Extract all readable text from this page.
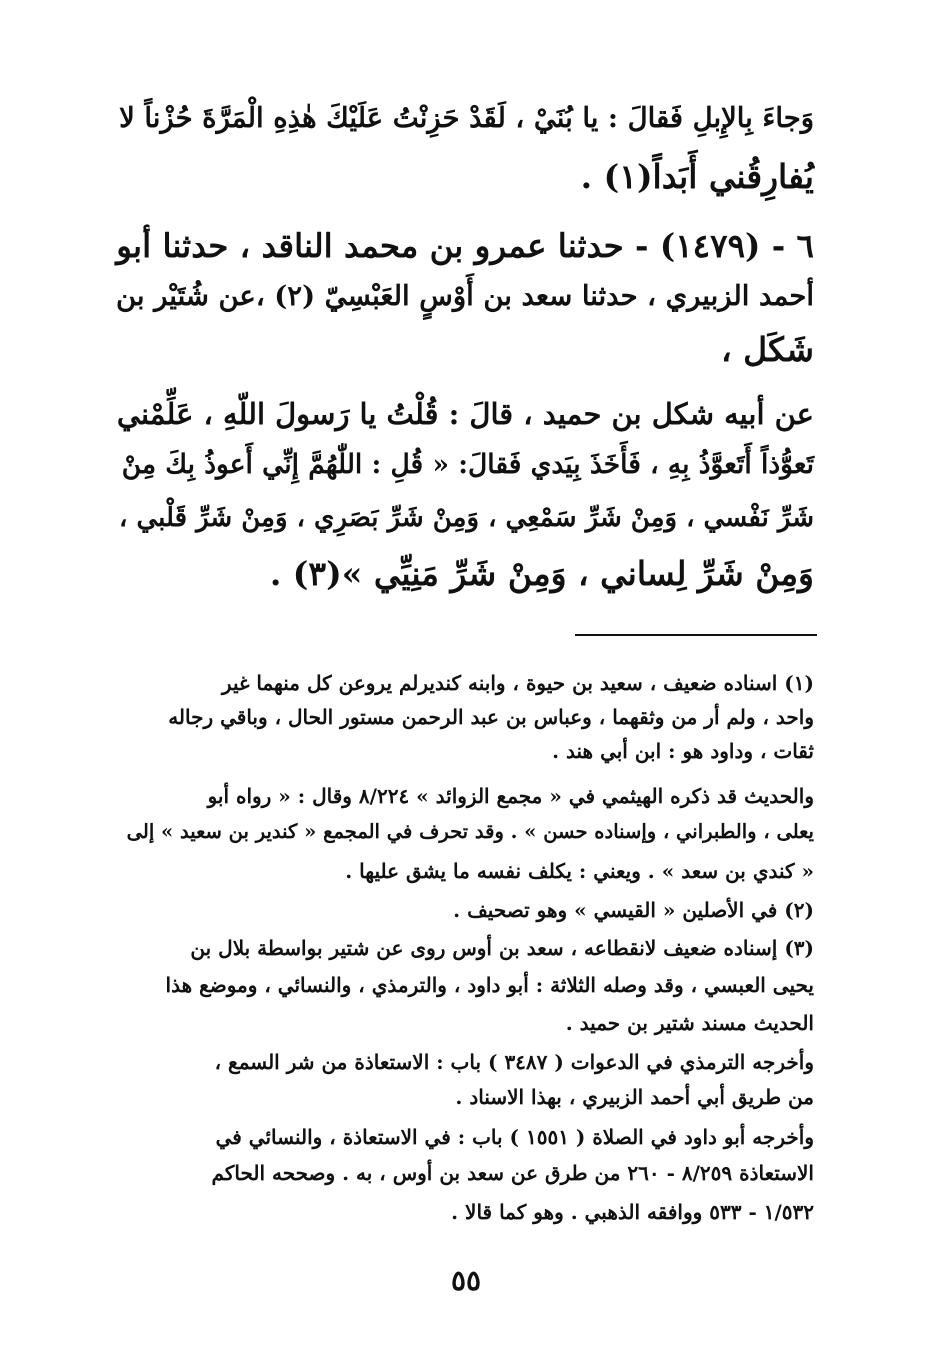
وَجاءَ بِالإِبلِ فَقالَ : يا بُنَيْ ، لَقَدْ حَزِنْتُ عَلَيْكَ هٰذِهِ الْمَرَّةَ حُزْناً لا
يُفارِقُني أَبَداً(١) .
٦ - (١٤٧٩) - حدثنا عمرو بن محمد الناقد ، حدثنا أبو
أحمد الزبيري ، حدثنا سعد بن أَوْسٍ العَبْسِيّ (٢) ،عن شُتَيْر بن
شَكَل ،
عن أبيه شكل بن حميد ، قالَ : قُلْتُ يا رَسولَ اللّهِ ، عَلِّمْني
تَعوُّذاً أَتَعوَّذُ بِهِ ، فَأَخَذَ بِيَدي فَقالَ: « قُلِ : اللّٰهُمَّ إِنِّي أَعوذُ بِكَ مِنْ
شَرِّ نَفْسي ، وَمِنْ شَرِّ سَمْعِي ، وَمِنْ شَرِّ بَصَرِي ، وَمِنْ شَرِّ قَلْبي ،
وَمِنْ شَرِّ لِساني ، وَمِنْ شَرِّ مَنِيِّي »(٣) .
(١) اسناده ضعيف ، سعيد بن حيوة ، وابنه كنديرلم يروعن كل منهما غير
واحد ، ولم أر من وثقهما ، وعباس بن عبد الرحمن مستور الحال ، وباقي رجاله
ثقات ، وداود هو : ابن أبي هند .
والحديث قد ذكره الهيثمي في « مجمع الزوائد » ٨/٢٢٤ وقال : « رواه أبو
يعلى ، والطبراني ، وإسناده حسن » . وقد تحرف في المجمع « كندير بن سعيد » إلى
« كندي بن سعد » . ويعني : يكلف نفسه ما يشق عليها .
(٢) في الأصلين « القيسي » وهو تصحيف .
(٣) إسناده ضعيف لانقطاعه ، سعد بن أوس روى عن شتير بواسطة بلال بن
يحيى العبسي ، وقد وصله الثلاثة : أبو داود ، والترمذي ، والنسائي ، وموضع هذا
الحديث مسند شتير بن حميد .
وأخرجه الترمذي في الدعوات ( ٣٤٨٧ ) باب : الاستعاذة من شر السمع ،
من طريق أبي أحمد الزبيري ، بهذا الاسناد .
وأخرجه أبو داود في الصلاة ( ١٥٥١ ) باب : في الاستعاذة ، والنسائي في
الاستعاذة ٨/٢٥٩ - ٢٦٠ من طرق عن سعد بن أوس ، به . وصححه الحاكم
١/٥٣٢ - ٥٣٣ ووافقه الذهبي . وهو كما قالا .
٥٥
